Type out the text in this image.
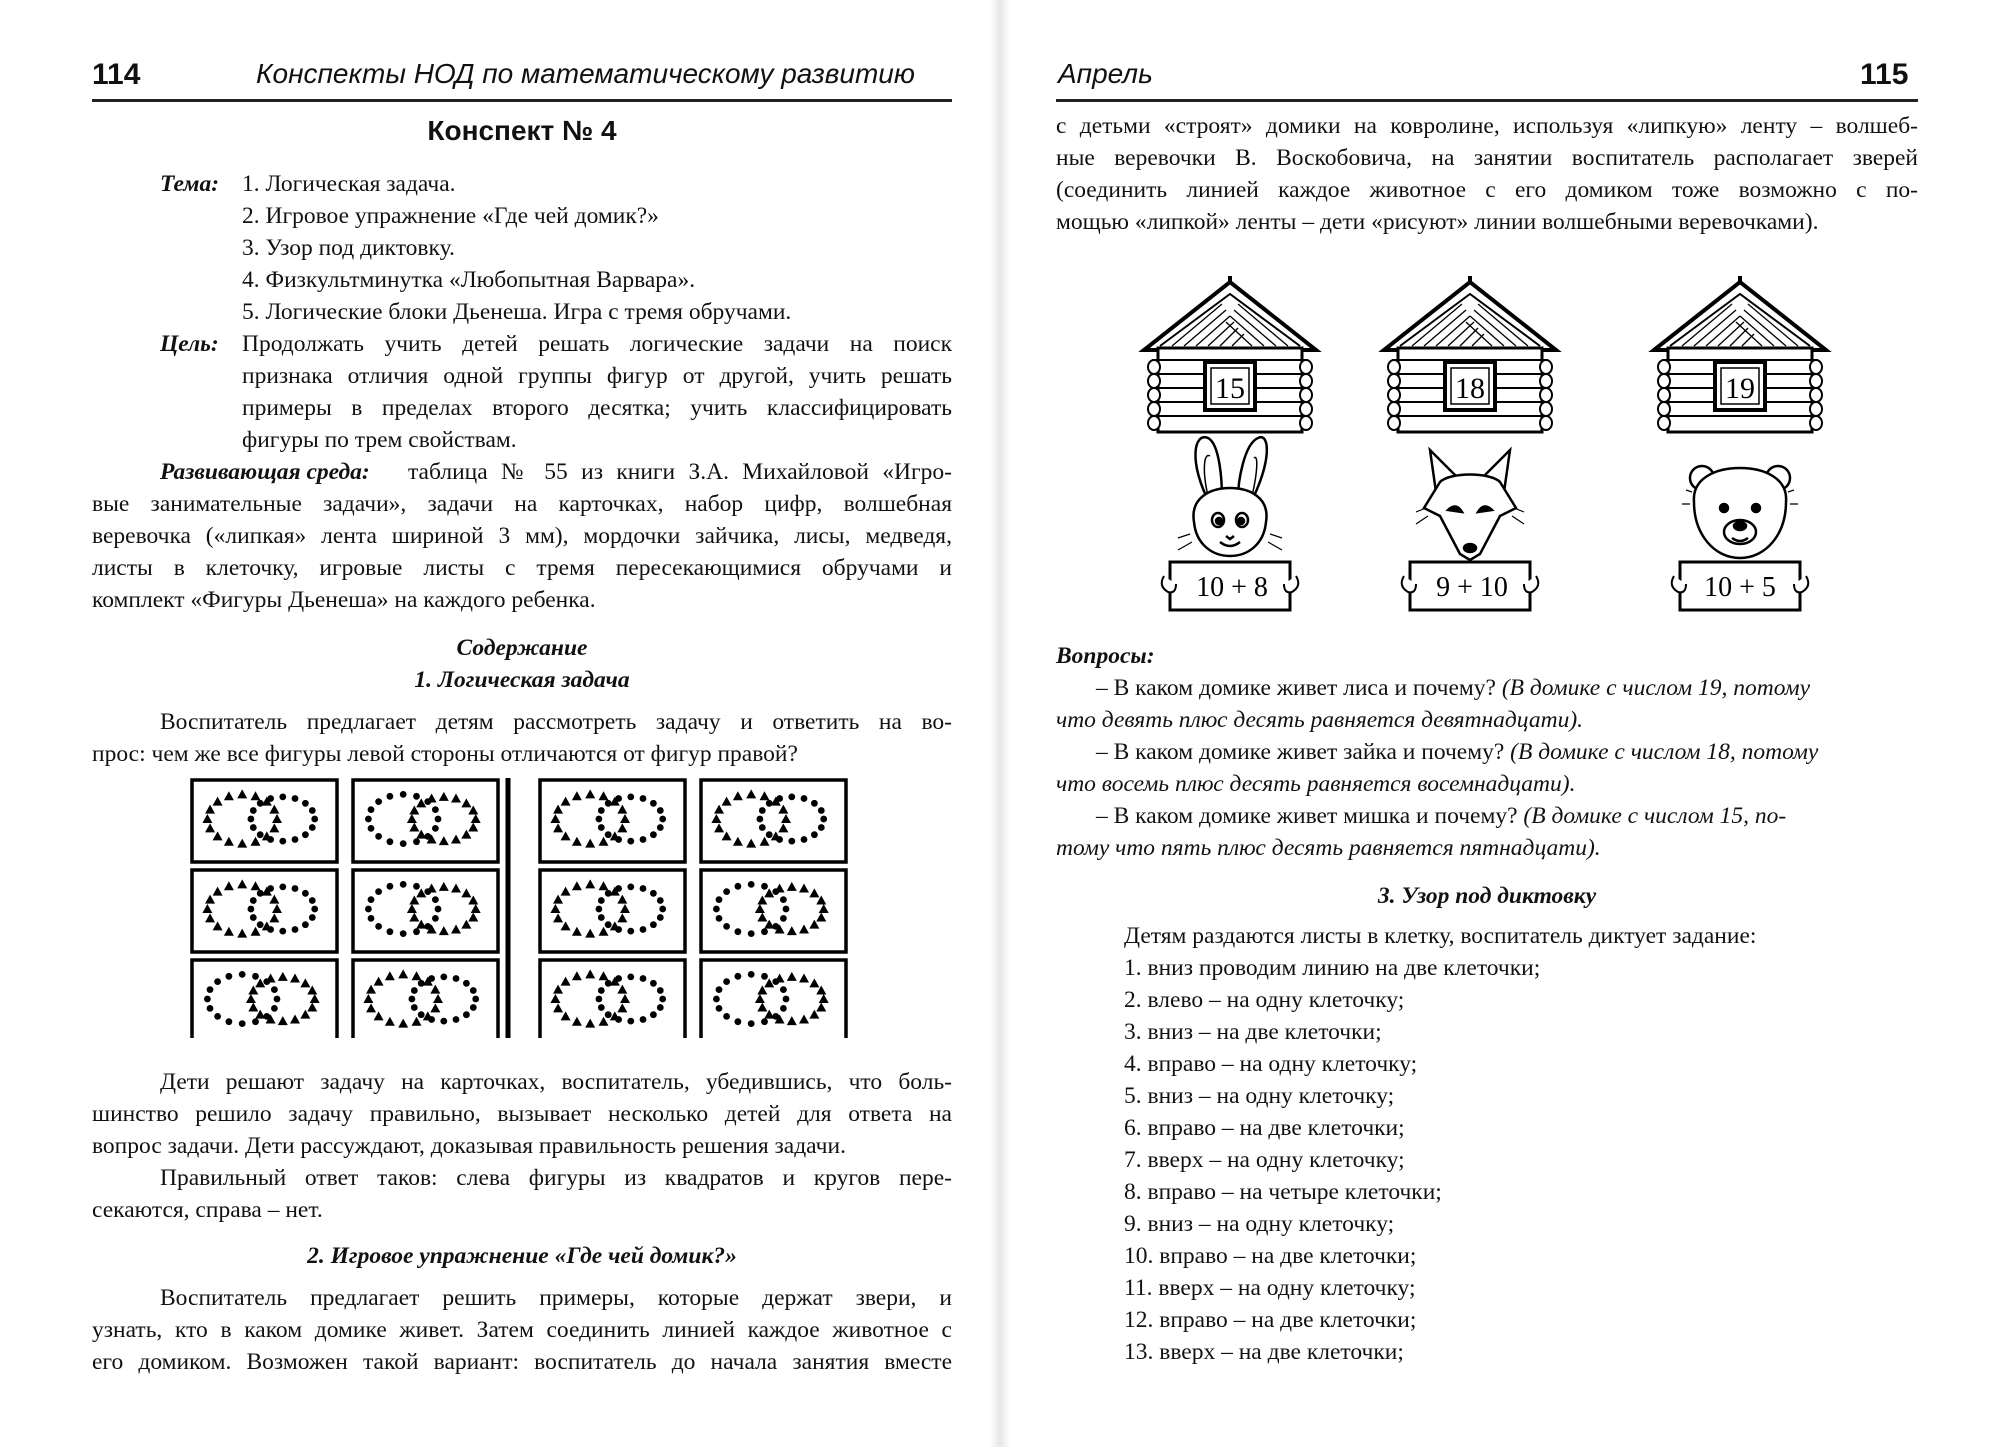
114	Конспекты НОД по математическому развитию
Конспект № 4
Тема: 1. Логическая задача.
2. Игровое упражнение «Где чей домик?»
3. Узор под диктовку.
4. Физкультминутка «Любопытная Варвара».
5. Логические блоки Дьенеша. Игра с тремя обручами.
Цель: Продолжать учить детей решать логические задачи на поиск
признака отличия одной группы фигур от другой, учить решать
примеры в пределах второго десятка; учить классифицировать
фигуры по трем свойствам.
Развивающая среда: таблица № 55 из книги З.А. Михайловой «Игро-
вые занимательные задачи», задачи на карточках, набор цифр, волшебная
веревочка («липкая» лента шириной 3 мм), мордочки зайчика, лисы, медведя,
листы в клеточку, игровые листы с тремя пересекающимися обручами и
комплект «Фигуры Дьенеша» на каждого ребенка.
Содержание
1. Логическая задача
Воспитатель предлагает детям рассмотреть задачу и ответить на во-
прос: чем же все фигуры левой стороны отличаются от фигур правой?
Дети решают задачу на карточках, воспитатель, убедившись, что боль-
шинство решило задачу правильно, вызывает несколько детей для ответа на
вопрос задачи. Дети рассуждают, доказывая правильность решения задачи.
Правильный ответ таков: слева фигуры из квадратов и кругов пере-
секаются, справа – нет.
2. Игровое упражнение «Где чей домик?»
Воспитатель предлагает решить примеры, которые держат звери, и
узнать, кто в каком домике живет. Затем соединить линией каждое животное с
его домиком. Возможен такой вариант: воспитатель до начала занятия вместе
Апрель	115
с детьми «строят» домики на ковролине, используя «липкую» ленту – волшеб-
ные веревочки В. Воскобовича, на занятии воспитатель располагает зверей
(соединить линией каждое животное с его домиком тоже возможно с по-
мощью «липкой» ленты – дети «рисуют» линии волшебными веревочками).
15	18	19
10 + 8	9 + 10	10 + 5
Вопросы:
– В каком домике живет лиса и почему? (В домике с числом 19, потому
что девять плюс десять равняется девятнадцати).
– В каком домике живет зайка и почему? (В домике с числом 18, потому
что восемь плюс десять равняется восемнадцати).
– В каком домике живет мишка и почему? (В домике с числом 15, по-
тому что пять плюс десять равняется пятнадцати).
3. Узор под диктовку
Детям раздаются листы в клетку, воспитатель диктует задание:
1. вниз проводим линию на две клеточки;
2. влево – на одну клеточку;
3. вниз – на две клеточки;
4. вправо – на одну клеточку;
5. вниз – на одну клеточку;
6. вправо – на две клеточки;
7. вверх – на одну клеточку;
8. вправо – на четыре клеточки;
9. вниз – на одну клеточку;
10. вправо – на две клеточки;
11. вверх – на одну клеточку;
12. вправо – на две клеточки;
13. вверх – на две клеточки;
